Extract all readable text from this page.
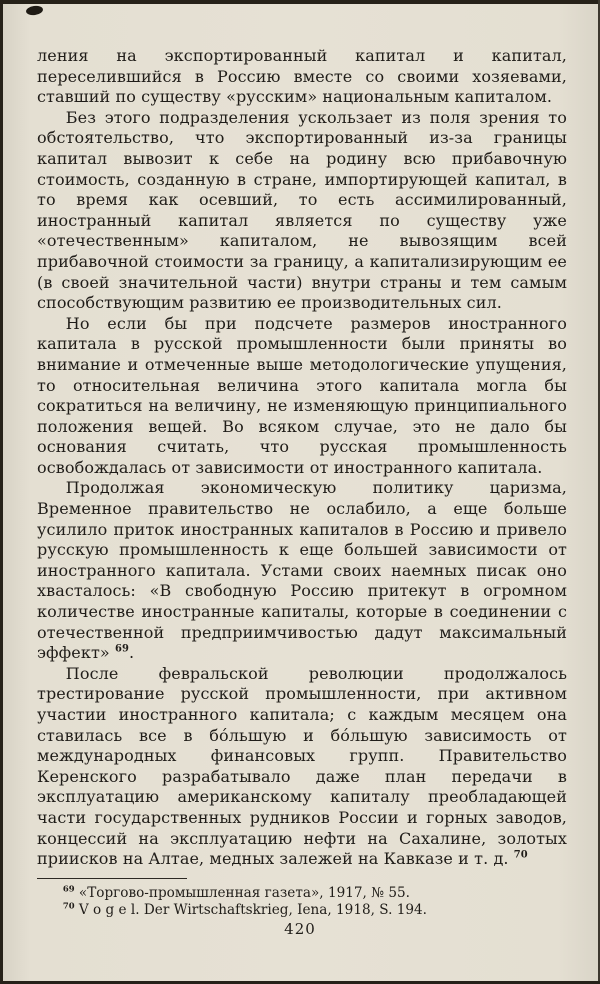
ления на экспортированный капитал и капитал, переселившийся в Россию вместе со своими хозяевами, ставший по существу «русским» национальным капиталом.

Без этого подразделения ускользает из поля зрения то обстоятельство, что экспортированный из-за границы капитал вывозит к себе на родину всю прибавочную стоимость, созданную в стране, импортирующей капитал, в то время как осевший, то есть ассимилированный, иностранный капитал является по существу уже «отечественным» капиталом, не вывозящим всей прибавочной стоимости за границу, а капитализирующим ее (в своей значительной части) внутри страны и тем самым способствующим развитию ее производительных сил.

Но если бы при подсчете размеров иностранного капитала в русской промышленности были приняты во внимание и отмеченные выше методологические упущения, то относительная величина этого капитала могла бы сократиться на величину, не изменяющую принципиального положения вещей. Во всяком случае, это не дало бы основания считать, что русская промышленность освобождалась от зависимости от иностранного капитала.

Продолжая экономическую политику царизма, Временное правительство не ослабило, а еще больше усилило приток иностранных капиталов в Россию и привело русскую промышленность к еще большей зависимости от иностранного капитала. Устами своих наемных писак оно хвасталось: «В свободную Россию притекут в огромном количестве иностранные капиталы, которые в соединении с отечественной предприимчивостью дадут максимальный эффект» $^{69}$.

После февральской революции продолжалось трестирование русской промышленности, при активном участии иностранного капитала; с каждым месяцем она ставилась все в бо́льшую и бо́льшую зависимость от международных финансовых групп. Правительство Керенского разрабатывало даже план передачи в эксплуатацию американскому капиталу преобладающей части государственных рудников России и горных заводов, концессий на эксплуатацию нефти на Сахалине, золотых приисков на Алтае, медных залежей на Кавказе и т. д. $^{70}$

$^{69}$ «Торгово-промышленная газета», 1917, № 55.

$^{70}$ V o g e l. Der Wirtschaftskrieg, Iena, 1918, S. 194.

420
